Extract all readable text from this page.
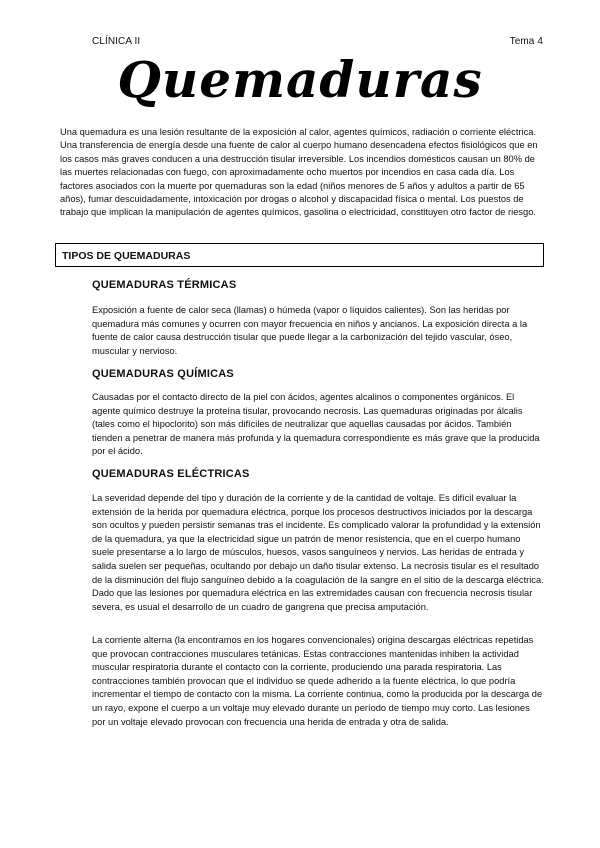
CLÍNICA II	Tema 4
Quemaduras
Una quemadura es una lesión resultante de la exposición al calor, agentes químicos, radiación o corriente eléctrica. Una transferencia de energía desde una fuente de calor al cuerpo humano desencadena efectos fisiológicos que en los casos más graves conducen a una destrucción tisular irreversible. Los incendios domésticos causan un 80% de las muertes relacionadas con fuego, con aproximadamente ocho muertos por incendios en casa cada día. Los factores asociados con la muerte por quemaduras son la edad (niños menores de 5 años y adultos a partir de 65 años), fumar descuidadamente, intoxicación por drogas o alcohol y discapacidad física o mental. Los puestos de trabajo que implican la manipulación de agentes químicos, gasolina o electricidad, constituyen otro factor de riesgo.
TIPOS DE QUEMADURAS
QUEMADURAS TÉRMICAS
Exposición a fuente de calor seca (llamas) o húmeda (vapor o líquidos calientes). Son las heridas por quemadura más comunes y ocurren con mayor frecuencia en niños y ancianos. La exposición directa a la fuente de calor causa destrucción tisular que puede llegar a la carbonización del tejido vascular, óseo, muscular y nervioso.
QUEMADURAS QUÍMICAS
Causadas por el contacto directo de la piel con ácidos, agentes alcalinos o componentes orgánicos. El agente químico destruye la proteína tisular, provocando necrosis. Las quemaduras originadas por álcalis (tales como el hipoclorito) son más difíciles de neutralizar que aquellas causadas por ácidos. También tienden a penetrar de manera más profunda y la quemadura correspondiente es más grave que la producida por el ácido.
QUEMADURAS ELÉCTRICAS
La severidad depende del tipo y duración de la corriente y de la cantidad de voltaje. Es difícil evaluar la extensión de la herida por quemadura eléctrica, porque los procesos destructivos iniciados por la descarga son ocultos y pueden persistir semanas tras el incidente. Es complicado valorar la profundidad y la extensión de la quemadura, ya que la electricidad sigue un patrón de menor resistencia, que en el cuerpo humano suele presentarse a lo largo de músculos, huesos, vasos sanguíneos y nervios. Las heridas de entrada y salida suelen ser pequeñas, ocultando por debajo un daño tisular extenso. La necrosis tisular es el resultado de la disminución del flujo sanguíneo debido a la coagulación de la sangre en el sitio de la descarga eléctrica. Dado que las lesiones por quemadura eléctrica en las extremidades causan con frecuencia necrosis tisular severa, es usual el desarrollo de un cuadro de gangrena que precisa amputación.
La corriente alterna (la encontramos en los hogares convencionales) origina descargas eléctricas repetidas que provocan contracciones musculares tetánicas. Estas contracciones mantenidas inhiben la actividad muscular respiratoria durante el contacto con la corriente, produciendo una parada respiratoria. Las contracciones también provocan que el individuo se quede adherido a la fuente eléctrica, lo que podría incrementar el tiempo de contacto con la misma. La corriente continua, como la producida por la descarga de un rayo, expone el cuerpo a un voltaje muy elevado durante un período de tiempo muy corto. Las lesiones por un voltaje elevado provocan con frecuencia una herida de entrada y otra de salida.
